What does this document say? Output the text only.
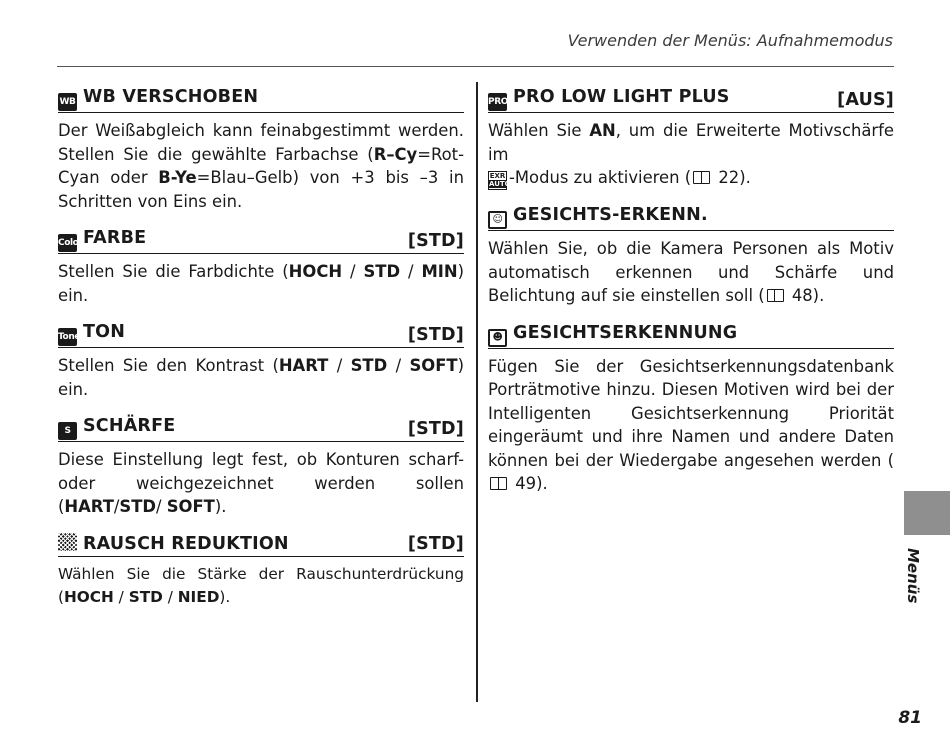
Verwenden der Menüs: Aufnahmemodus
WB WB VERSCHOBEN

Der Weißabgleich kann feinabgestimmt werden. Stellen Sie die gewählte Farbachse (R–Cy=Rot-Cyan oder B-Ye=Blau–Gelb) von +3 bis –3 in Schritten von Eins ein.

ColorFARBE	[STD]

Stellen Sie die Farbdichte (HOCH / STD / MIN) ein.

Tone TON	[STD]

Stellen Sie den Kontrast (HART / STD / SOFT) ein.

S SCHÄRFE	[STD]

Diese Einstellung legt fest, ob Konturen scharf- oder weichgezeichnet werden sollen (HART/STD/ SOFT).

RAUSCH REDUKTION	[STD]

Wählen Sie die Stärke der Rauschunterdrückung (HOCH / STD / NIED).

PRO PRO LOW LIGHT PLUS	[AUS]

Wählen Sie AN, um die Erweiterte Motivschärfe im

EXR
AUTO
-Modus zu aktivieren ( 22).

☺ GESICHTS-ERKENN.

Wählen Sie, ob die Kamera Personen als Motiv automatisch erkennen und Schärfe und Belichtung auf sie einstellen soll ( 48).

☻ GESICHTSERKENNUNG

Fügen Sie der Gesichtserkennungsdatenbank Porträtmotive hinzu. Diesen Motiven wird bei der Intelligenten Gesichtserkennung Priorität eingeräumt und ihre Namen und andere Daten können bei der Wiedergabe angesehen werden ( 49).

Menüs
81
